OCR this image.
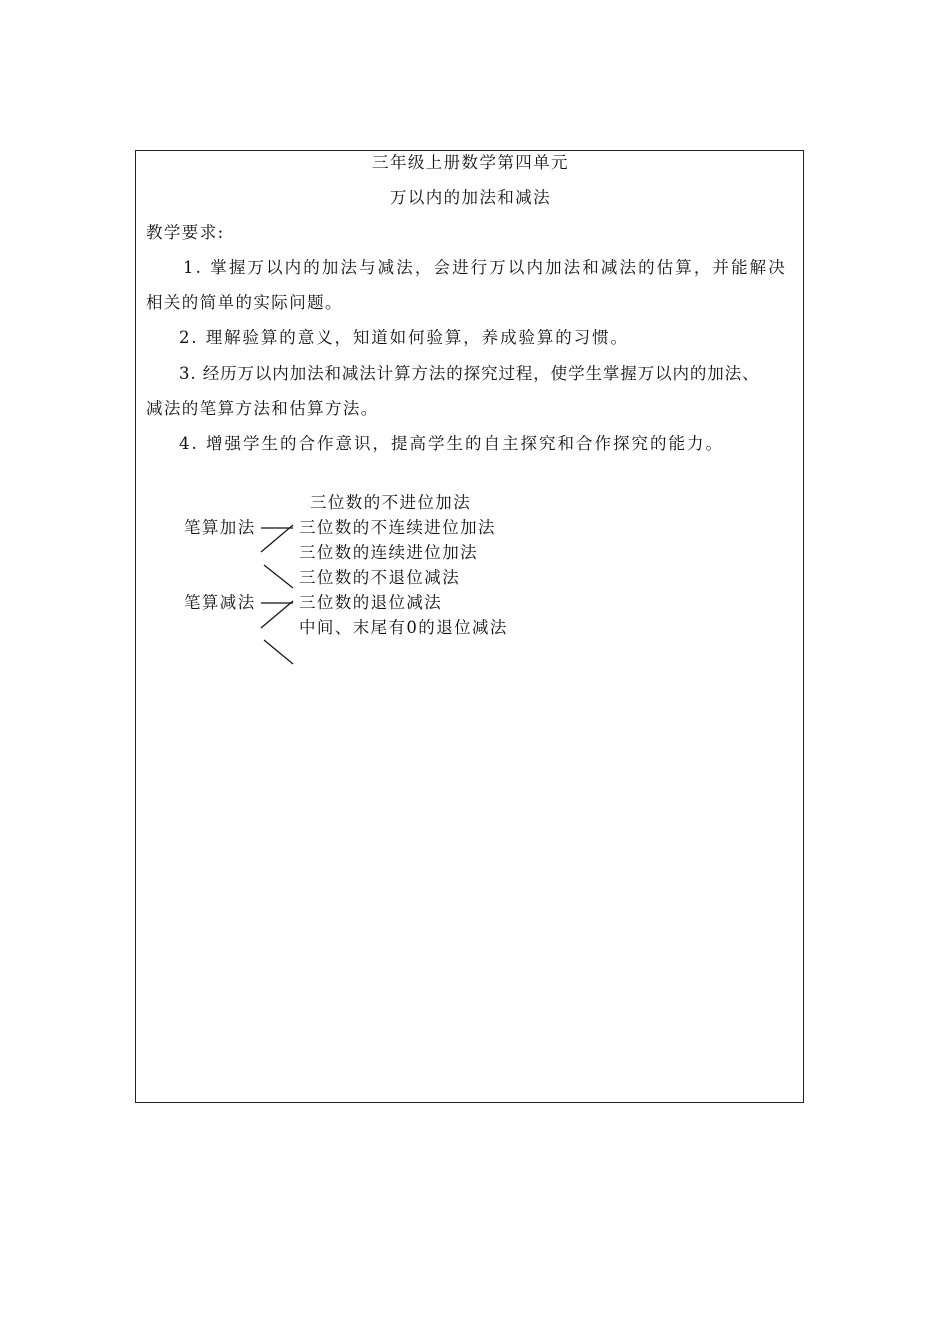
三年级上册数学第四单元
万以内的加法和减法
教学要求:
1. 掌握万以内的加法与减法，会进行万以内加法和减法的估算，并能解决
相关的简单的实际问题。
2. 理解验算的意义，知道如何验算，养成验算的习惯。
3. 经历万以内加法和减法计算方法的探究过程，使学生掌握万以内的加法、
减法的笔算方法和估算方法。
4. 增强学生的合作意识，提高学生的自主探究和合作探究的能力。
三位数的不进位加法
笔算加法	三位数的不连续进位加法
三位数的连续进位加法
三位数的不退位减法
笔算减法	三位数的退位减法
中间、末尾有0的退位减法
